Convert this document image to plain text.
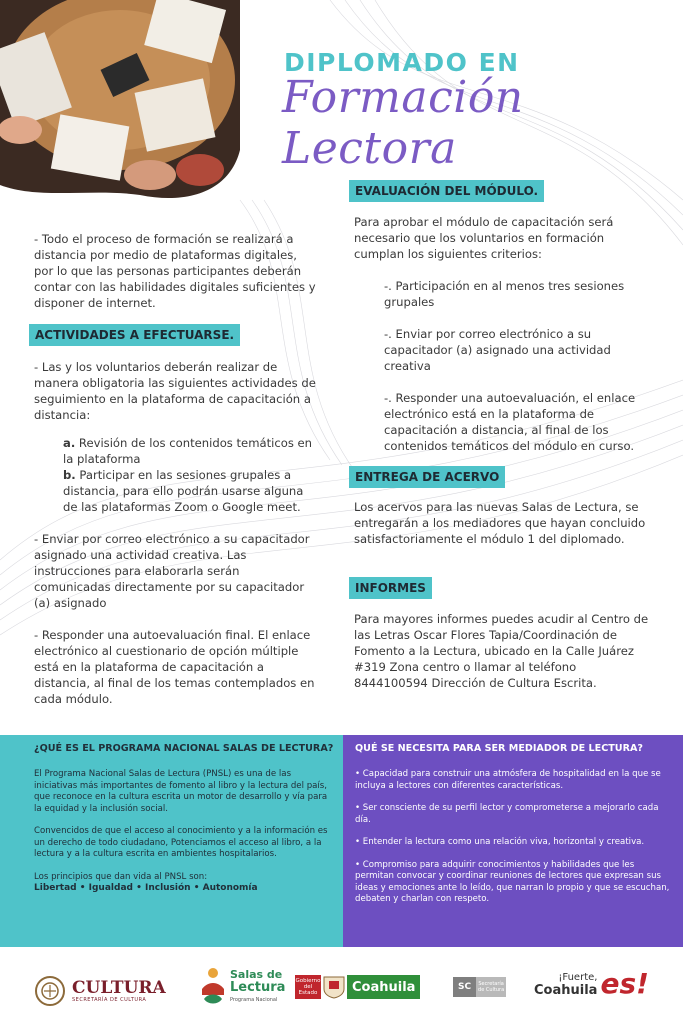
DIPLOMADO EN
Formación Lectora

- Todo el proceso de formación se realizará a distancia por medio de plataformas digitales, por lo que las personas participantes deberán contar con las habilidades digitales suficientes y disponer de internet.

ACTIVIDADES A EFECTUARSE.

- Las y los voluntarios deberán realizar de manera obligatoria las siguientes actividades de seguimiento en la plataforma de capacitación a distancia:

a. Revisión de los contenidos temáticos en la plataforma
b. Participar en las sesiones grupales a distancia, para ello podrán usarse alguna de las plataformas Zoom o Google meet.

- Enviar por correo electrónico a su capacitador asignado una actividad creativa. Las instrucciones para elaborarla serán comunicadas directamente por su capacitador (a) asignado

- Responder una autoevaluación final. El enlace electrónico al cuestionario de opción múltiple está en la plataforma de capacitación a distancia, al final de los temas contemplados en cada módulo.

EVALUACIÓN DEL MÓDULO.

Para aprobar el módulo de capacitación será necesario que los voluntarios en formación cumplan los siguientes criterios:

-. Participación en al menos tres sesiones grupales

-. Enviar por correo electrónico a su capacitador (a) asignado una actividad creativa

-. Responder una autoevaluación, el enlace electrónico está en la plataforma de capacitación a distancia, al final de los contenidos temáticos del módulo en curso.

ENTREGA DE ACERVO

Los acervos para las nuevas Salas de Lectura, se entregarán a los mediadores que hayan concluido satisfactoriamente el módulo 1 del diplomado.

INFORMES

Para mayores informes puedes acudir al Centro de las Letras Oscar Flores Tapia/Coordinación de Fomento a la Lectura, ubicado en la Calle Juárez #319 Zona centro o llamar al teléfono 8444100594 Dirección de Cultura Escrita.

¿QUÉ ES EL PROGRAMA NACIONAL SALAS DE LECTURA?

El Programa Nacional Salas de Lectura (PNSL) es una de las iniciativas más importantes de fomento al libro y la lectura del país, que reconoce en la cultura escrita un motor de desarrollo y vía para la equidad y la inclusión social.

Convencidos de que el acceso al conocimiento y a la información es un derecho de todo ciudadano, Potenciamos el acceso al libro, a la lectura y a la cultura escrita en ambientes hospitalarios.

Los principios que dan vida al PNSL son:

Libertad • Igualdad • Inclusión • Autonomía

QUÉ SE NECESITA PARA SER MEDIADOR DE LECTURA?

• Capacidad para construir una atmósfera de hospitalidad en la que se incluya a lectores con diferentes características.

• Ser consciente de su perfil lector y comprometerse a mejorarlo cada día.

• Entender la lectura como una relación viva, horizontal y creativa.

• Compromiso para adquirir conocimientos y habilidades que les permitan convocar y coordinar reuniones de lectores que expresan sus ideas y emociones ante lo leído, que narran lo propio y que se escuchan, debaten y charlan con respeto.

CULTURA
SECRETARÍA DE CULTURA
Salas de
Lectura
Programa Nacional
Gobierno del Estado	Coahuila	SC	Secretaría de Cultura
¡Fuerte,
Coahuila es!
